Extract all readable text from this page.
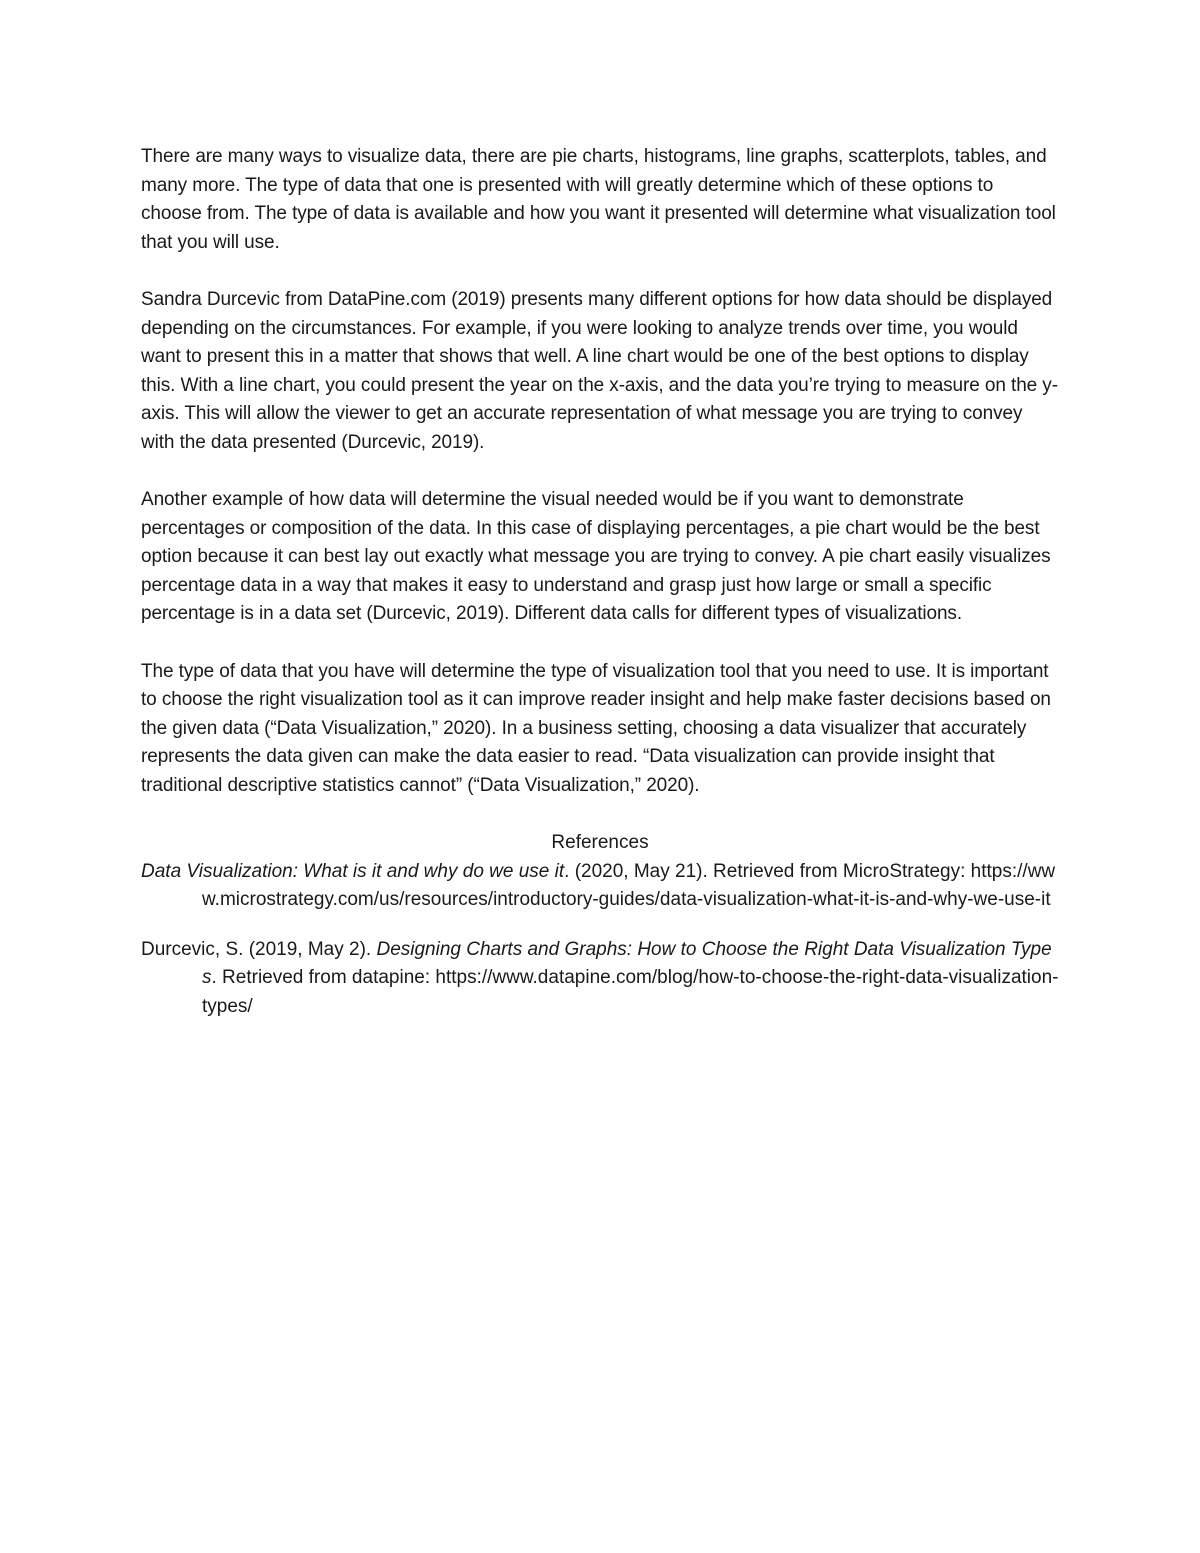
There are many ways to visualize data, there are pie charts, histograms, line graphs, scatterplots, tables, and many more. The type of data that one is presented with will greatly determine which of these options to choose from. The type of data is available and how you want it presented will determine what visualization tool that you will use.

Sandra Durcevic from DataPine.com (2019) presents many different options for how data should be displayed depending on the circumstances. For example, if you were looking to analyze trends over time, you would want to present this in a matter that shows that well. A line chart would be one of the best options to display this. With a line chart, you could present the year on the x-axis, and the data you’re trying to measure on the y-axis. This will allow the viewer to get an accurate representation of what message you are trying to convey with the data presented (Durcevic, 2019).

Another example of how data will determine the visual needed would be if you want to demonstrate percentages or composition of the data. In this case of displaying percentages, a pie chart would be the best option because it can best lay out exactly what message you are trying to convey. A pie chart easily visualizes percentage data in a way that makes it easy to understand and grasp just how large or small a specific percentage is in a data set (Durcevic, 2019). Different data calls for different types of visualizations.

The type of data that you have will determine the type of visualization tool that you need to use. It is important to choose the right visualization tool as it can improve reader insight and help make faster decisions based on the given data (“Data Visualization,” 2020). In a business setting, choosing a data visualizer that accurately represents the data given can make the data easier to read. “Data visualization can provide insight that traditional descriptive statistics cannot” (“Data Visualization,” 2020).

References

Data Visualization: What is it and why do we use it. (2020, May 21). Retrieved from MicroStrategy: https://www.microstrategy.com/us/resources/introductory-guides/data-visualization-what-it-is-and-why-we-use-it

Durcevic, S. (2019, May 2). Designing Charts and Graphs: How to Choose the Right Data Visualization Types. Retrieved from datapine: https://www.datapine.com/blog/how-to-choose-the-right-data-visualization-types/
